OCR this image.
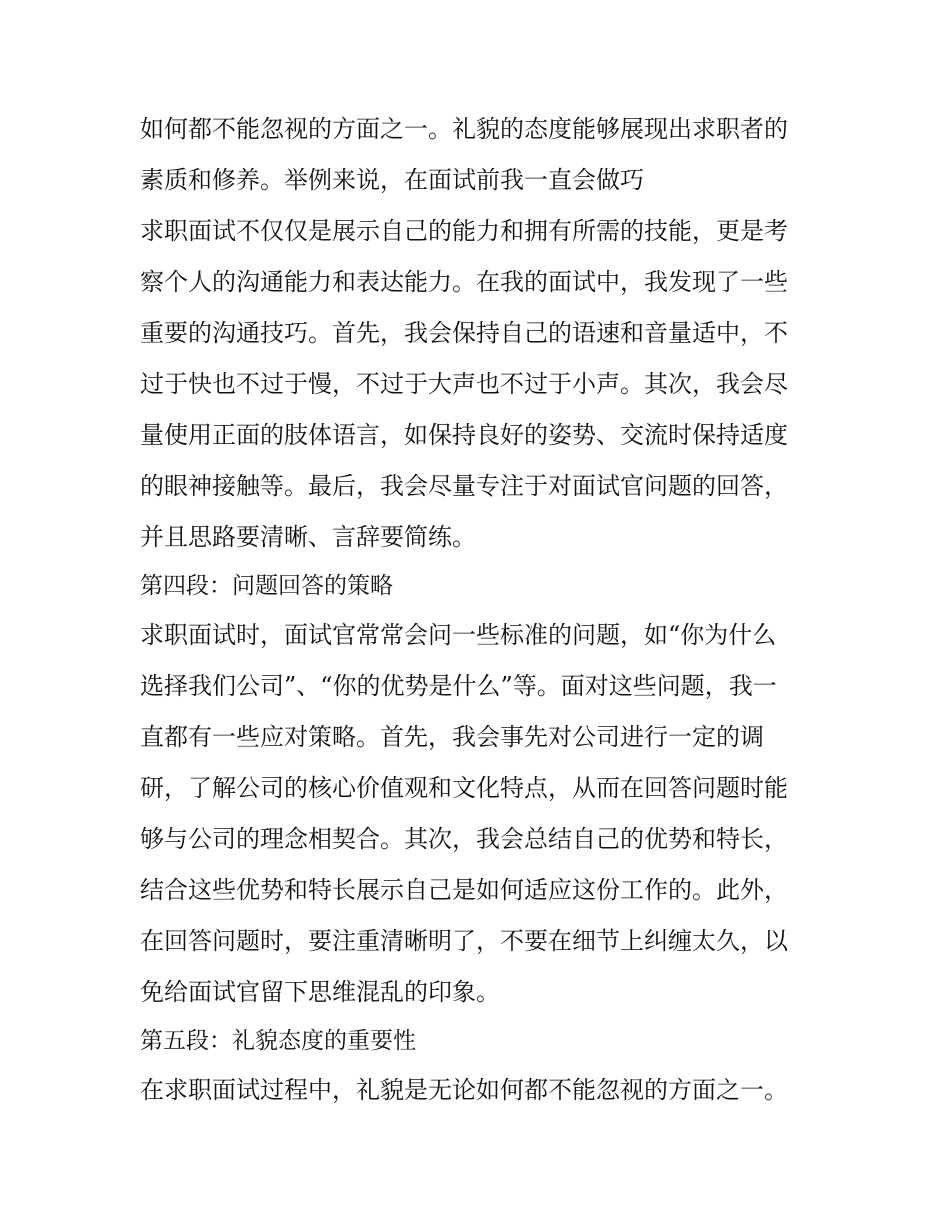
如何都不能忽视的方面之一。礼貌的态度能够展现出求职者的
素质和修养。举例来说，在面试前我一直会做巧
求职面试不仅仅是展示自己的能力和拥有所需的技能，更是考
察个人的沟通能力和表达能力。在我的面试中，我发现了一些
重要的沟通技巧。首先，我会保持自己的语速和音量适中，不
过于快也不过于慢，不过于大声也不过于小声。其次，我会尽
量使用正面的肢体语言，如保持良好的姿势、交流时保持适度
的眼神接触等。最后，我会尽量专注于对面试官问题的回答，
并且思路要清晰、言辞要简练。
第四段：问题回答的策略
求职面试时，面试官常常会问一些标准的问题，如“你为什么
选择我们公司”、“你的优势是什么”等。面对这些问题，我一
直都有一些应对策略。首先，我会事先对公司进行一定的调
研，了解公司的核心价值观和文化特点，从而在回答问题时能
够与公司的理念相契合。其次，我会总结自己的优势和特长，
结合这些优势和特长展示自己是如何适应这份工作的。此外，
在回答问题时，要注重清晰明了，不要在细节上纠缠太久，以
免给面试官留下思维混乱的印象。
第五段：礼貌态度的重要性
在求职面试过程中，礼貌是无论如何都不能忽视的方面之一。
